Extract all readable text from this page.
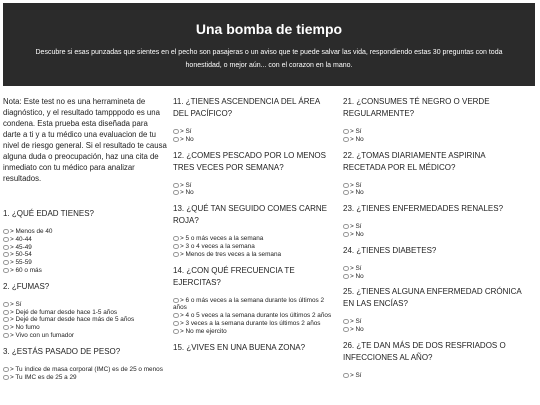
Una bomba de tiempo

Descubre si esas punzadas que sientes en el pecho son pasajeras o un aviso que te puede salvar las vida, respondiendo estas 30 preguntas con toda honestidad, o mejor aún... con el corazon en la mano.

Nota: Este test no es una herramineta de diagnóstico, y el resultado tampppodo es una condena. Esta prueba esta diseñada para darte a ti y a tu médico una evaluacion de tu nivel de riesgo general. Si el resultado te causa alguna duda o preocupación, haz una cita de inmediato con tu médico para analizar resultados.

1. ¿QUÉ EDAD TIENES?
> Menos de 40
> 40-44
> 45-49
> 50-54
> 55-59
> 60 o más
2. ¿FUMAS?
> Sí
> Dejé de fumar desde hace 1-5 años
> Dejé de fumar desde hace más de 5 años
> No fumo
> Vivo con un fumador
3. ¿ESTÁS PASADO DE PESO?
> Tu índice de masa corporal (IMC) es de 25 o menos
> Tu IMC es de 25 a 29
11. ¿TIENES ASCENDENCIA DEL ÁREA DEL PACÍFICO?
> Sí
> No
12. ¿COMES PESCADO POR LO MENOS TRES VECES POR SEMANA?
> Sí
> No
13. ¿QUÉ TAN SEGUIDO COMES CARNE ROJA?
> 5 o más veces a la semana
> 3 o 4 veces a la semana
> Menos de tres veces a la semana
14. ¿CON QUÉ FRECUENCIA TE EJERCITAS?
> 6 o más veces a la semana durante los últimos 2 años
> 4 o 5 veces a la semana durante los últimos 2 años
> 3 veces a la semana durante los últimos 2 años
> No me ejercito
15. ¿VIVES EN UNA BUENA ZONA?
21. ¿CONSUMES TÉ NEGRO O VERDE REGULARMENTE?
> Sí
> No
22. ¿TOMAS DIARIAMENTE ASPIRINA RECETADA POR EL MÉDICO?
> Sí
> No
23. ¿TIENES ENFERMEDADES RENALES?
> Sí
> No
24. ¿TIENES DIABETES?
> Sí
> No
25. ¿TIENES ALGUNA ENFERMEDAD CRÓNICA EN LAS ENCÍAS?
> Sí
> No
26. ¿TE DAN MÁS DE DOS RESFRIADOS O INFECCIONES AL AÑO?
> Sí
